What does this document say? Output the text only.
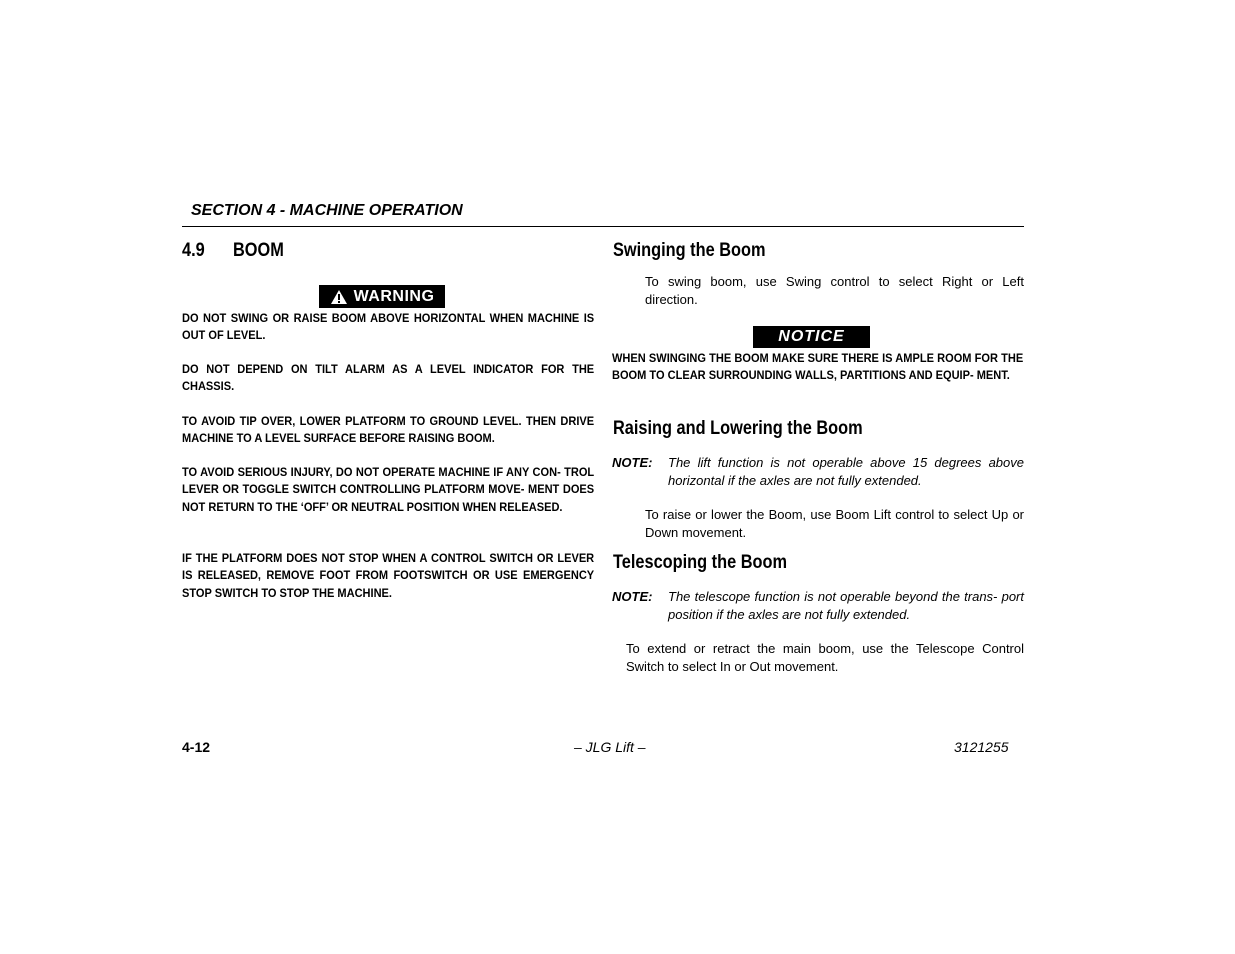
SECTION 4 - MACHINE OPERATION
4.9 BOOM
WARNING
DO NOT SWING OR RAISE BOOM ABOVE HORIZONTAL WHEN MACHINE IS OUT OF LEVEL.
DO NOT DEPEND ON TILT ALARM AS A LEVEL INDICATOR FOR THE CHASSIS.
TO AVOID TIP OVER, LOWER PLATFORM TO GROUND LEVEL. THEN DRIVE MACHINE TO A LEVEL SURFACE BEFORE RAISING BOOM.
TO AVOID SERIOUS INJURY, DO NOT OPERATE MACHINE IF ANY CON- TROL LEVER OR TOGGLE SWITCH CONTROLLING PLATFORM MOVE- MENT DOES NOT RETURN TO THE ‘OFF’ OR NEUTRAL POSITION WHEN RELEASED.
IF THE PLATFORM DOES NOT STOP WHEN A CONTROL SWITCH OR LEVER IS RELEASED, REMOVE FOOT FROM FOOTSWITCH OR USE EMERGENCY STOP SWITCH TO STOP THE MACHINE.
Swinging the Boom
To swing boom, use Swing control to select Right or Left direction.
NOTICE
WHEN SWINGING THE BOOM MAKE SURE THERE IS AMPLE ROOM FOR THE BOOM TO CLEAR SURROUNDING WALLS, PARTITIONS AND EQUIP- MENT.
Raising and Lowering the Boom
NOTE: The lift function is not operable above 15 degrees above horizontal if the axles are not fully extended.
To raise or lower the Boom, use Boom Lift control to select Up or Down movement.
Telescoping the Boom
NOTE: The telescope function is not operable beyond the trans- port position if the axles are not fully extended.
To extend or retract the main boom, use the Telescope Control Switch to select In or Out movement.
4-12	– JLG Lift –	3121255
